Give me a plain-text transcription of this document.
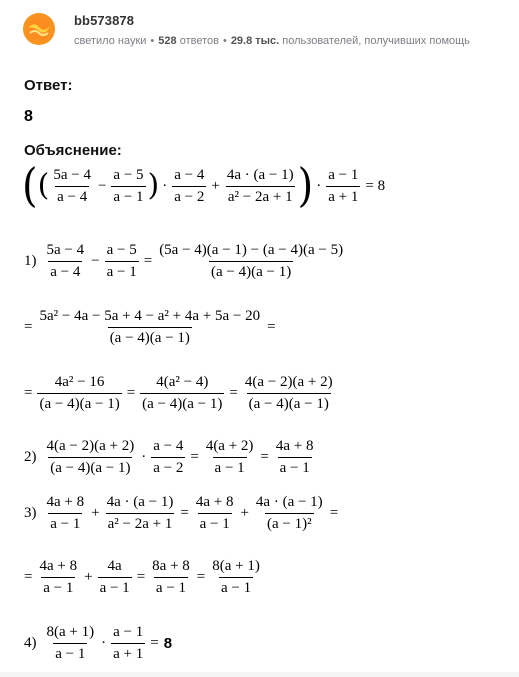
bb573878
светило науки • 528 ответов • 29.8 тыс. пользователей, получивших помощь
Ответ:
8
Объяснение:
( ( $\frac{5a - 4}{a - 4} - \frac{a - 5}{a - 1}$ ) · $\frac{a - 4}{a - 2} + \frac{4a \cdot (a - 1)}{\text{a² − 2a + 1}}$ ) · $\frac{a - 1}{a + 1} = 8$
$1) \frac{5a - 4}{a - 4} - \frac{a - 5}{a - 1} = \frac{(5a - 4)(a - 1) - (a - 4)(a - 5)}{(a - 4)(a - 1)}$
= $\frac{\text{5a² − 4a − 5a + 4 − a² + 4a + 5a − 20}}{(a - 4)(a - 1)}$ =
= $\frac{\text{4a² − 16}}{(a - 4)(a - 1)} = \frac{\text{4(a² − 4)}}{(a - 4)(a - 1)} = \frac{4(a - 2)(a + 2)}{(a - 4)(a - 1)}$
$2) \frac{4(a - 2)(a + 2)}{(a - 4)(a - 1)} \cdot \frac{a - 4}{a - 2} = \frac{4(a + 2)}{a - 1} = \frac{4a + 8}{a - 1}$
$3) \frac{4a + 8}{a - 1} + \frac{4a \cdot (a - 1)}{\text{a² − 2a + 1}} = \frac{4a + 8}{a - 1} + \frac{4a \cdot (a - 1)}{\text{(a − 1)²}}$ =
= $\frac{4a + 8}{a - 1} + \frac{4a}{a - 1} = \frac{8a + 8}{a - 1} = \frac{8(a + 1)}{a - 1}$
$4) \frac{8(a + 1)}{a - 1} \cdot \frac{a - 1}{a + 1} = 8$
